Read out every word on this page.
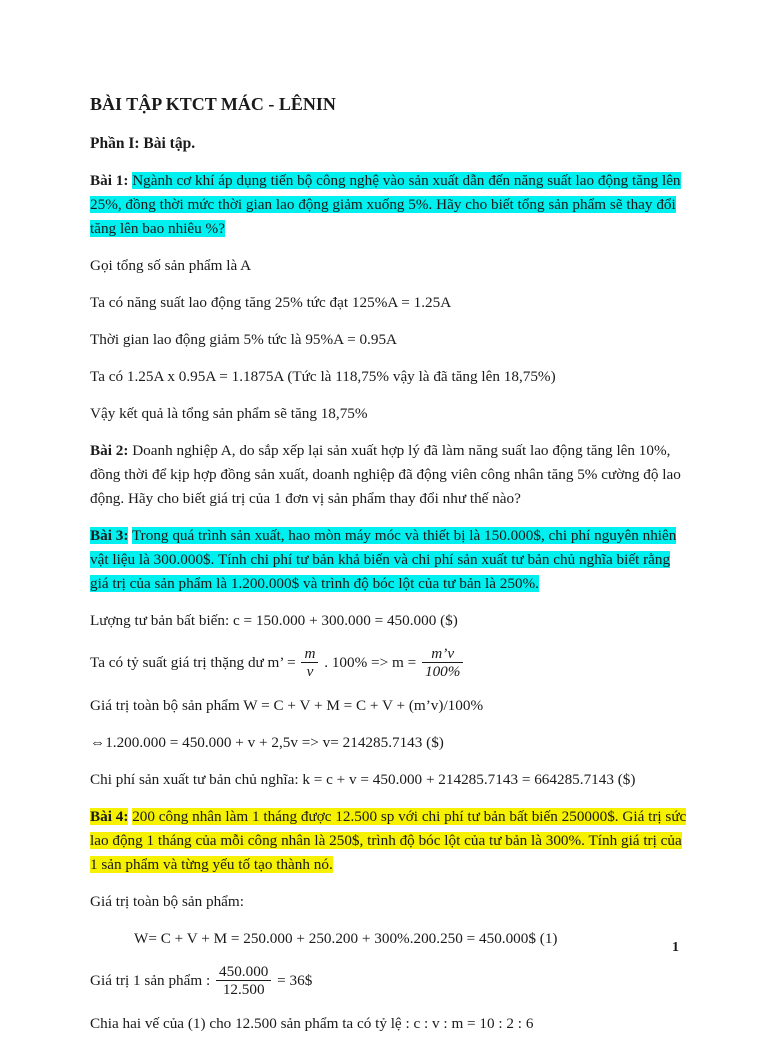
BÀI TẬP KTCT MÁC - LÊNIN
Phần I: Bài tập.

Bài 1: Ngành cơ khí áp dụng tiến bộ công nghệ vào sản xuất dẫn đến năng suất lao động tăng lên 25%, đồng thời mức thời gian lao động giảm xuống 5%. Hãy cho biết tổng sản phẩm sẽ thay đổi tăng lên bao nhiêu %?

Gọi tổng số sản phẩm là A

Ta có năng suất lao động tăng 25% tức đạt 125%A = 1.25A

Thời gian lao động giảm 5% tức là 95%A = 0.95A

Ta có 1.25A x 0.95A = 1.1875A (Tức là 118,75% vậy là đã tăng lên 18,75%)

Vậy kết quả là tổng sản phẩm sẽ tăng 18,75%

Bài 2: Doanh nghiệp A, do sắp xếp lại sản xuất hợp lý đã làm năng suất lao động tăng lên 10%, đồng thời để kịp hợp đồng sản xuất, doanh nghiệp đã động viên công nhân tăng 5% cường độ lao động. Hãy cho biết giá trị của 1 đơn vị sản phẩm thay đổi như thế nào?

Bài 3: Trong quá trình sản xuất, hao mòn máy móc và thiết bị là 150.000$, chi phí nguyên nhiên vật liệu là 300.000$. Tính chi phí tư bản khả biến và chi phí sản xuất tư bản chủ nghĩa biết rằng giá trị của sản phẩm là 1.200.000$ và trình độ bóc lột của tư bản là 250%.

Lượng tư bản bất biến: c = 150.000 + 300.000 = 450.000 ($)

Ta có tỷ suất giá trị thặng dư m’ = $\frac{m}{v}$ . $100\% => m = \frac{m’v}{100\%}$

Giá trị toàn bộ sản phẩm W = C + V + M = C + V + (m’v)/100%

⇔1.200.000 = 450.000 + v + 2,5v => v= 214285.7143 ($)

Chi phí sản xuất tư bản chủ nghĩa: k = c + v = 450.000 + 214285.7143 = 664285.7143 ($)

Bài 4: 200 công nhân làm 1 tháng được 12.500 sp với chi phí tư bản bất biến 250000$. Giá trị sức lao động 1 tháng của mỗi công nhân là 250$, trình độ bóc lột của tư bản là 300%. Tính giá trị của 1 sản phẩm và từng yếu tố tạo thành nó.

Giá trị toàn bộ sản phẩm:

W= C + V + M = 250.000 + 250.200 + 300%.200.250 = 450.000$ (1)

Giá trị 1 sản phẩm : $\frac{450.000}{12.500}$ = 36$

Chia hai vế của (1) cho 12.500 sản phẩm ta có tỷ lệ : c : v : m = 10 : 2 : 6

1
